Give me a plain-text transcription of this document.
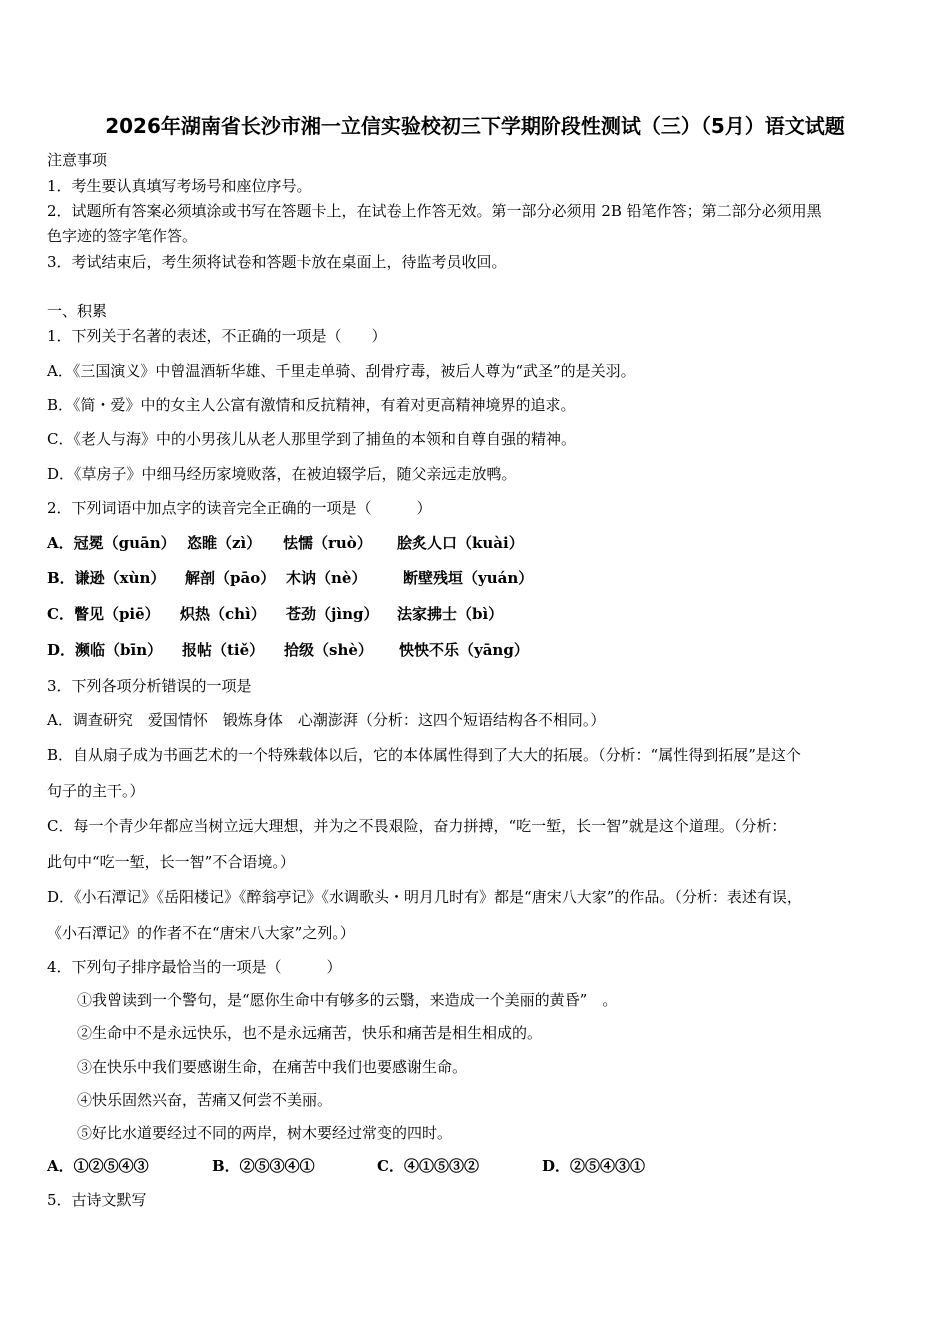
2026年湖南省长沙市湘一立信实验校初三下学期阶段性测试（三）（5月）语文试题
注意事项
1．考生要认真填写考场号和座位序号。
2．试题所有答案必须填涂或书写在答题卡上，在试卷上作答无效。第一部分必须用 2B 铅笔作答；第二部分必须用黑
色字迹的签字笔作答。
3．考试结束后，考生须将试卷和答题卡放在桌面上，待监考员收回。
一、积累
1．下列关于名著的表述，不正确的一项是（　　）
A．《三国演义》中曾温酒斩华雄、千里走单骑、刮骨疗毒，被后人尊为“武圣”的是关羽。
B．《简・爱》中的女主人公富有激情和反抗精神，有着对更高精神境界的追求。
C．《老人与海》中的小男孩儿从老人那里学到了捕鱼的本领和自尊自强的精神。
D．《草房子》中细马经历家境败落，在被迫辍学后，随父亲远走放鸭。
2．下列词语中加点字的读音完全正确的一项是（　　　）
A．冠冕（guān） 恣睢（zì） 怯懦（ruò） 脍炙人口（kuài）
B．谦逊（xùn） 解剖（pāo） 木讷（nè） 断壁残垣（yuán）
C．瞥见（piē） 炽热（chì） 苍劲（jìng） 法家拂士（bì）
D．濒临（bīn） 报帖（tiě） 拾级（shè） 怏怏不乐（yāng）
3．下列各项分析错误的一项是
A．调查研究　爱国情怀　锻炼身体　心潮澎湃（分析：这四个短语结构各不相同。）
B．自从扇子成为书画艺术的一个特殊载体以后，它的本体属性得到了大大的拓展。（分析：“属性得到拓展”是这个
句子的主干。）
C．每一个青少年都应当树立远大理想，并为之不畏艰险，奋力拼搏，“吃一堑，长一智”就是这个道理。（分析：
此句中“吃一堑，长一智”不合语境。）
D．《小石潭记》《岳阳楼记》《醉翁亭记》《水调歌头・明月几时有》都是“唐宋八大家”的作品。（分析：表述有误，
《小石潭记》的作者不在“唐宋八大家”之列。）
4．下列句子排序最恰当的一项是（　　　）
①我曾读到一个警句，是“愿你生命中有够多的云翳，来造成一个美丽的黄昏”　。
②生命中不是永远快乐，也不是永远痛苦，快乐和痛苦是相生相成的。
③在快乐中我们要感谢生命，在痛苦中我们也要感谢生命。
④快乐固然兴奋，苦痛又何尝不美丽。
⑤好比水道要经过不同的两岸，树木要经过常变的四时。
A．①②⑤④③	B．②⑤③④①	C．④①⑤③②	D．②⑤④③①
5．古诗文默写
